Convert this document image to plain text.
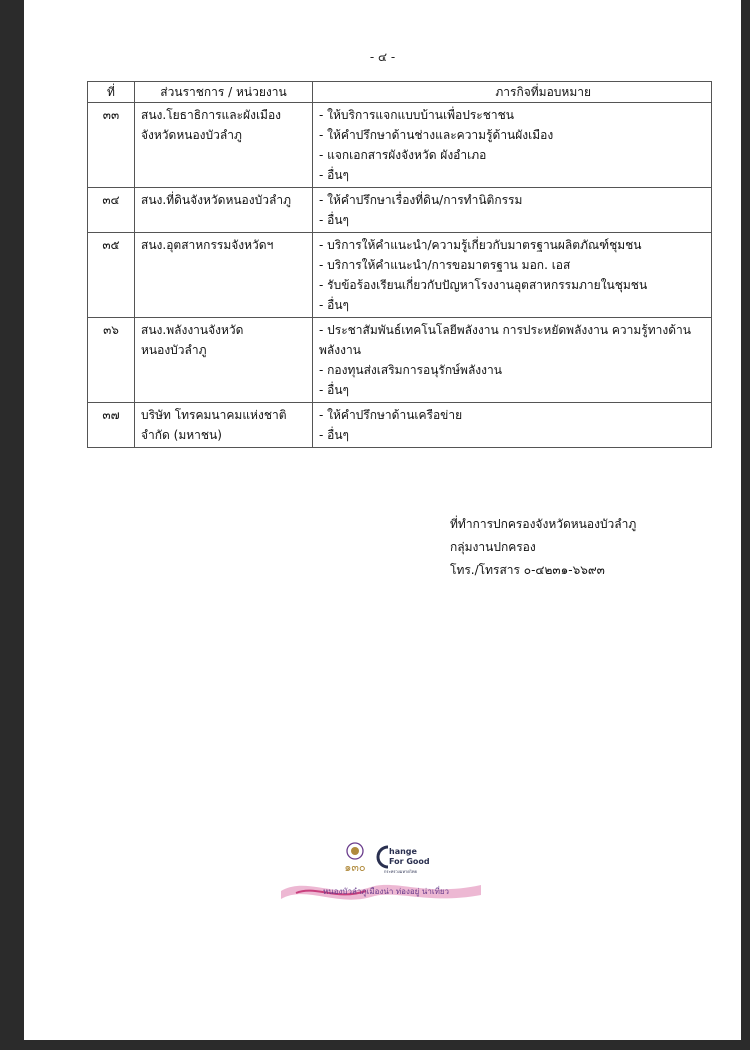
- ๔ -
ที่	ส่วนราชการ / หน่วยงาน	ภารกิจที่มอบหมาย
๓๓	สนง.โยธาธิการและผังเมืองจังหวัดหนองบัวลำภู	- ให้บริการแจกแบบบ้านเพื่อประชาชน
- ให้คำปรึกษาด้านช่างและความรู้ด้านผังเมือง
- แจกเอกสารผังจังหวัด ผังอำเภอ
- อื่นๆ

๓๔	สนง.ที่ดินจังหวัดหนองบัวลำภู	- ให้คำปรึกษาเรื่องที่ดิน/การทำนิติกรรม
- อื่นๆ

๓๕	สนง.อุตสาหกรรมจังหวัดฯ	- บริการให้คำแนะนำ/ความรู้เกี่ยวกับมาตรฐานผลิตภัณฑ์ชุมชน
- บริการให้คำแนะนำ/การขอมาตรฐาน มอก. เอส
- รับข้อร้องเรียนเกี่ยวกับปัญหาโรงงานอุตสาหกรรมภายในชุมชน
- อื่นๆ

๓๖	สนง.พลังงานจังหวัดหนองบัวลำภู	- ประชาสัมพันธ์เทคโนโลยีพลังงาน การประหยัดพลังงาน ความรู้ทางด้านพลังงาน
- กองทุนส่งเสริมการอนุรักษ์พลังงาน
- อื่นๆ

๓๗	บริษัท โทรคมนาคมแห่งชาติ จำกัด (มหาชน)	- ให้คำปรึกษาด้านเครือข่าย
- อื่นๆ
ที่ทำการปกครองจังหวัดหนองบัวลำภู
กลุ่มงานปกครอง
โทร./โทรสาร ๐-๔๒๓๑-๖๖๙๓
๑๓๐
hange
For Good
กระทรวงมหาดไทย
หนองบัวลำภูเมืองน่า ท่องอยู่ น่าเที่ยว
